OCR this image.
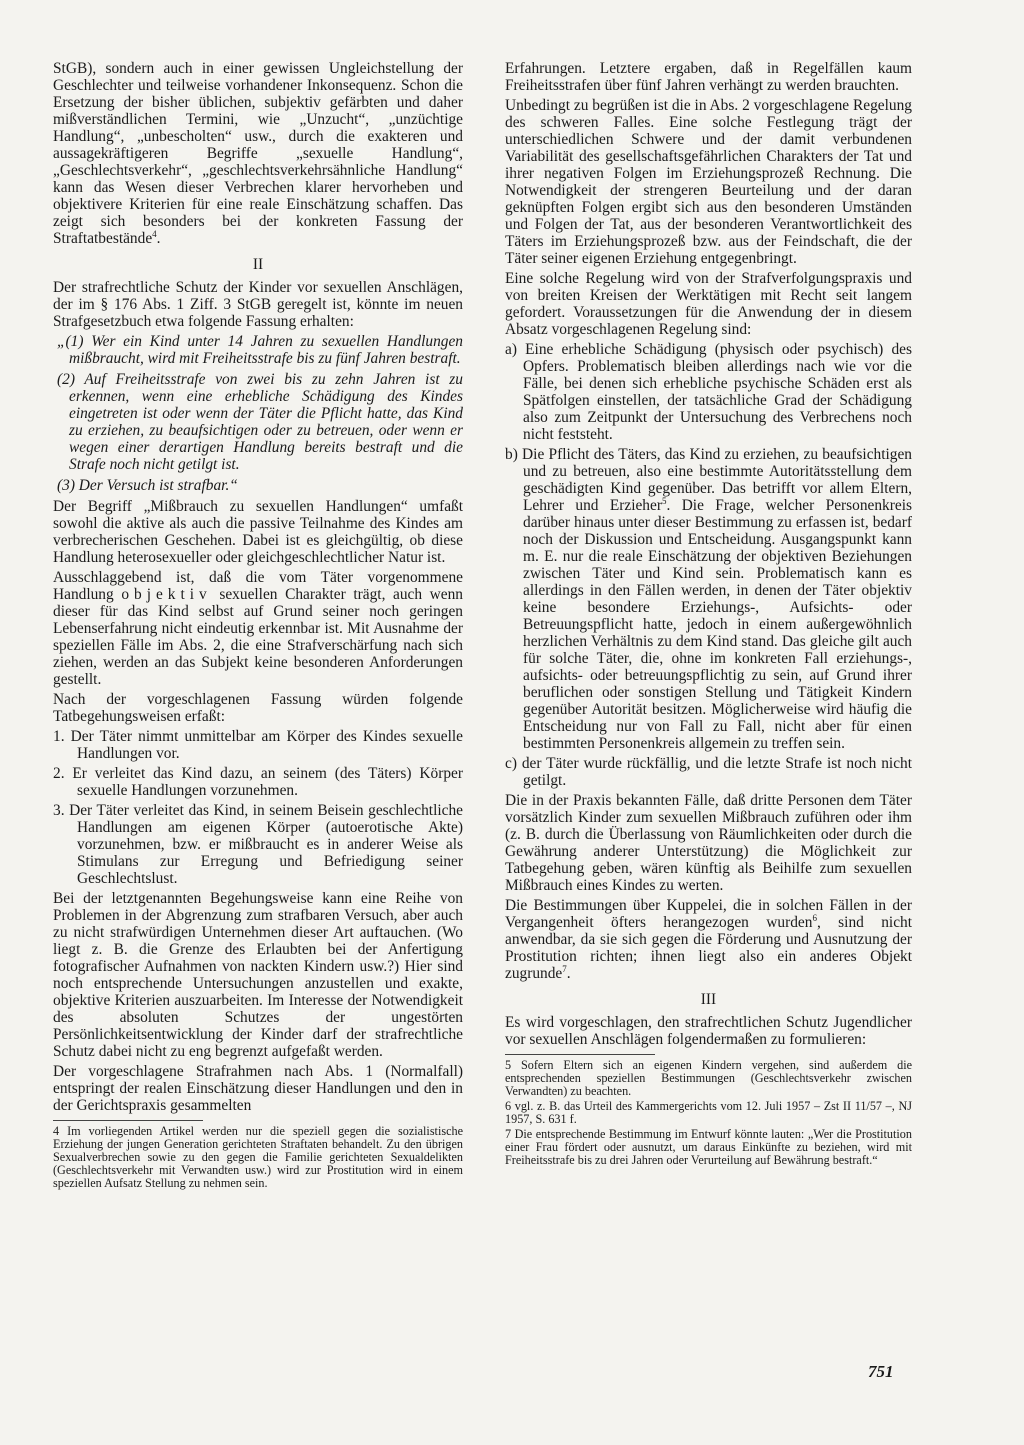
StGB), sondern auch in einer gewissen Ungleichstellung der Geschlechter und teilweise vorhandener Inkonsequenz. Schon die Ersetzung der bisher üblichen, subjektiv gefärbten und daher mißverständlichen Termini, wie „Unzucht“, „unzüchtige Handlung“, „unbescholten“ usw., durch die exakteren und aussagekräftigeren Begriffe „sexuelle Handlung“, „Geschlechtsverkehr“, „geschlechtsverkehrsähnliche Handlung“ kann das Wesen dieser Verbrechen klarer hervorheben und objektivere Kriterien für eine reale Einschätzung schaffen. Das zeigt sich besonders bei der konkreten Fassung der Straftatbestände$^4$.

II

Der strafrechtliche Schutz der Kinder vor sexuellen Anschlägen, der im § 176 Abs. 1 Ziff. 3 StGB geregelt ist, könnte im neuen Strafgesetzbuch etwa folgende Fassung erhalten:

„(1) Wer ein Kind unter 14 Jahren zu sexuellen Handlungen mißbraucht, wird mit Freiheitsstrafe bis zu fünf Jahren bestraft.

(2) Auf Freiheitsstrafe von zwei bis zu zehn Jahren ist zu erkennen, wenn eine erhebliche Schädigung des Kindes eingetreten ist oder wenn der Täter die Pflicht hatte, das Kind zu erziehen, zu beaufsichtigen oder zu betreuen, oder wenn er wegen einer derartigen Handlung bereits bestraft und die Strafe noch nicht getilgt ist.

(3) Der Versuch ist strafbar.“

Der Begriff „Mißbrauch zu sexuellen Handlungen“ umfaßt sowohl die aktive als auch die passive Teilnahme des Kindes am verbrecherischen Geschehen. Dabei ist es gleichgültig, ob diese Handlung heterosexueller oder gleichgeschlechtlicher Natur ist.

Ausschlaggebend ist, daß die vom Täter vorgenommene Handlung objektiv sexuellen Charakter trägt, auch wenn dieser für das Kind selbst auf Grund seiner noch geringen Lebenserfahrung nicht eindeutig erkennbar ist. Mit Ausnahme der speziellen Fälle im Abs. 2, die eine Strafverschärfung nach sich ziehen, werden an das Subjekt keine besonderen Anforderungen gestellt.

Nach der vorgeschlagenen Fassung würden folgende Tatbegehungsweisen erfaßt:

1. Der Täter nimmt unmittelbar am Körper des Kindes sexuelle Handlungen vor.

2. Er verleitet das Kind dazu, an seinem (des Täters) Körper sexuelle Handlungen vorzunehmen.

3. Der Täter verleitet das Kind, in seinem Beisein geschlechtliche Handlungen am eigenen Körper (autoerotische Akte) vorzunehmen, bzw. er mißbraucht es in anderer Weise als Stimulans zur Erregung und Befriedigung seiner Geschlechtslust.

Bei der letztgenannten Begehungsweise kann eine Reihe von Problemen in der Abgrenzung zum strafbaren Versuch, aber auch zu nicht strafwürdigen Unternehmen dieser Art auftauchen. (Wo liegt z. B. die Grenze des Erlaubten bei der Anfertigung fotografischer Aufnahmen von nackten Kindern usw.?) Hier sind noch entsprechende Untersuchungen anzustellen und exakte, objektive Kriterien auszuarbeiten. Im Interesse der Notwendigkeit des absoluten Schutzes der ungestörten Persönlichkeitsentwicklung der Kinder darf der strafrechtliche Schutz dabei nicht zu eng begrenzt aufgefaßt werden.

Der vorgeschlagene Strafrahmen nach Abs. 1 (Normalfall) entspringt der realen Einschätzung dieser Handlungen und den in der Gerichtspraxis gesammelten

4 Im vorliegenden Artikel werden nur die speziell gegen die sozialistische Erziehung der jungen Generation gerichteten Straftaten behandelt. Zu den übrigen Sexualverbrechen sowie zu den gegen die Familie gerichteten Sexualdelikten (Geschlechtsverkehr mit Verwandten usw.) wird zur Prostitution wird in einem speziellen Aufsatz Stellung zu nehmen sein.

Erfahrungen. Letztere ergaben, daß in Regelfällen kaum Freiheitsstrafen über fünf Jahren verhängt zu werden brauchten.

Unbedingt zu begrüßen ist die in Abs. 2 vorgeschlagene Regelung des schweren Falles. Eine solche Festlegung trägt der unterschiedlichen Schwere und der damit verbundenen Variabilität des gesellschaftsgefährlichen Charakters der Tat und ihrer negativen Folgen im Erziehungsprozeß Rechnung. Die Notwendigkeit der strengeren Beurteilung und der daran geknüpften Folgen ergibt sich aus den besonderen Umständen und Folgen der Tat, aus der besonderen Verantwortlichkeit des Täters im Erziehungsprozeß bzw. aus der Feindschaft, die der Täter seiner eigenen Erziehung entgegenbringt.

Eine solche Regelung wird von der Strafverfolgungspraxis und von breiten Kreisen der Werktätigen mit Recht seit langem gefordert. Voraussetzungen für die Anwendung der in diesem Absatz vorgeschlagenen Regelung sind:

a) Eine erhebliche Schädigung (physisch oder psychisch) des Opfers. Problematisch bleiben allerdings nach wie vor die Fälle, bei denen sich erhebliche psychische Schäden erst als Spätfolgen einstellen, der tatsächliche Grad der Schädigung also zum Zeitpunkt der Untersuchung des Verbrechens noch nicht feststeht.

b) Die Pflicht des Täters, das Kind zu erziehen, zu beaufsichtigen und zu betreuen, also eine bestimmte Autoritätsstellung dem geschädigten Kind gegenüber. Das betrifft vor allem Eltern, Lehrer und Erzieher$^5$. Die Frage, welcher Personenkreis darüber hinaus unter dieser Bestimmung zu erfassen ist, bedarf noch der Diskussion und Entscheidung. Ausgangspunkt kann m. E. nur die reale Einschätzung der objektiven Beziehungen zwischen Täter und Kind sein. Problematisch kann es allerdings in den Fällen werden, in denen der Täter objektiv keine besondere Erziehungs-, Aufsichts- oder Betreuungspflicht hatte, jedoch in einem außergewöhnlich herzlichen Verhältnis zu dem Kind stand. Das gleiche gilt auch für solche Täter, die, ohne im konkreten Fall erziehungs-, aufsichts- oder betreuungspflichtig zu sein, auf Grund ihrer beruflichen oder sonstigen Stellung und Tätigkeit Kindern gegenüber Autorität besitzen. Möglicherweise wird häufig die Entscheidung nur von Fall zu Fall, nicht aber für einen bestimmten Personenkreis allgemein zu treffen sein.

c) der Täter wurde rückfällig, und die letzte Strafe ist noch nicht getilgt.

Die in der Praxis bekannten Fälle, daß dritte Personen dem Täter vorsätzlich Kinder zum sexuellen Mißbrauch zuführen oder ihm (z. B. durch die Überlassung von Räumlichkeiten oder durch die Gewährung anderer Unterstützung) die Möglichkeit zur Tatbegehung geben, wären künftig als Beihilfe zum sexuellen Mißbrauch eines Kindes zu werten.

Die Bestimmungen über Kuppelei, die in solchen Fällen in der Vergangenheit öfters herangezogen wurden$^6$, sind nicht anwendbar, da sie sich gegen die Förderung und Ausnutzung der Prostitution richten; ihnen liegt also ein anderes Objekt zugrunde$^7$.

III

Es wird vorgeschlagen, den strafrechtlichen Schutz Jugendlicher vor sexuellen Anschlägen folgendermaßen zu formulieren:

5 Sofern Eltern sich an eigenen Kindern vergehen, sind außerdem die entsprechenden speziellen Bestimmungen (Geschlechtsverkehr zwischen Verwandten) zu beachten.

6 vgl. z. B. das Urteil des Kammergerichts vom 12. Juli 1957 – Zst II 11/57 –, NJ 1957, S. 631 f.

7 Die entsprechende Bestimmung im Entwurf könnte lauten: „Wer die Prostitution einer Frau fördert oder ausnutzt, um daraus Einkünfte zu beziehen, wird mit Freiheitsstrafe bis zu drei Jahren oder Verurteilung auf Bewährung bestraft.“

751
